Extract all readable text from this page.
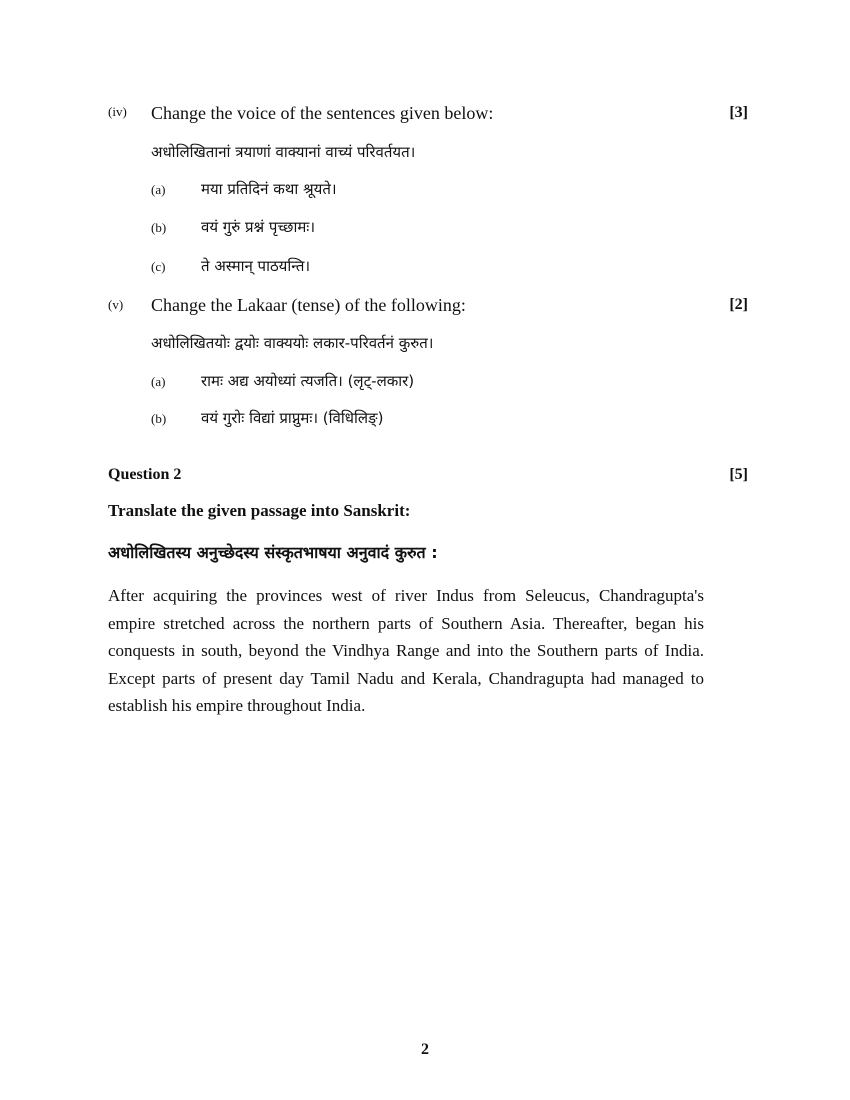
(iv) Change the voice of the sentences given below:	[3]
अधोलिखितानां त्रयाणां वाक्यानां वाच्यं परिवर्तयत।
(a) मया प्रतिदिनं कथा श्रूयते।
(b) वयं गुरुं प्रश्नं पृच्छामः।
(c) ते अस्मान् पाठयन्ति।
(v) Change the Lakaar (tense) of the following:	[2]
अधोलिखितयोः द्वयोः वाक्ययोः लकार-परिवर्तनं कुरुत।
(a) रामः अद्य अयोध्यां त्यजति। (लृट्-लकार)
(b) वयं गुरोः विद्यां प्राप्नुमः। (विधिलिङ्)
Question 2	[5]
Translate the given passage into Sanskrit:
अधोलिखितस्य अनुच्छेदस्य संस्कृतभाषया अनुवादं कुरुत :
After acquiring the provinces west of river Indus from Seleucus, Chandragupta's empire stretched across the northern parts of Southern Asia. Thereafter, began his conquests in south, beyond the Vindhya Range and into the Southern parts of India. Except parts of present day Tamil Nadu and Kerala, Chandragupta had managed to establish his empire throughout India.
2
